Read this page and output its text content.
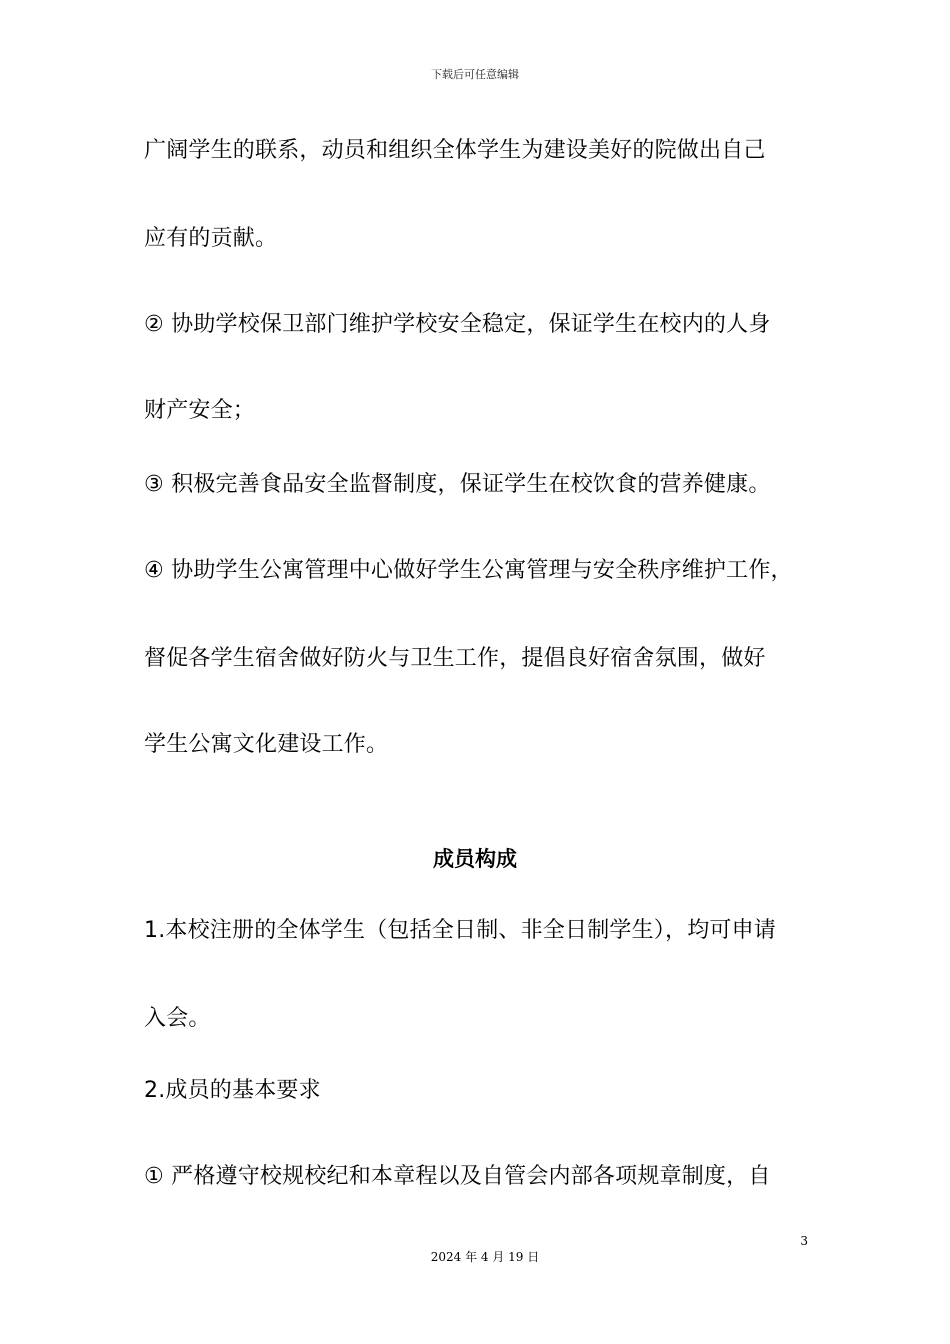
下载后可任意编辑
广阔学生的联系，动员和组织全体学生为建设美好的院做出自己
应有的贡献。
② 协助学校保卫部门维护学校安全稳定，保证学生在校内的人身
财产安全；
③ 积极完善食品安全监督制度，保证学生在校饮食的营养健康。
④ 协助学生公寓管理中心做好学生公寓管理与安全秩序维护工作，
督促各学生宿舍做好防火与卫生工作，提倡良好宿舍氛围，做好
学生公寓文化建设工作。
成员构成
1.本校注册的全体学生（包括全日制、非全日制学生），均可申请
入会。
2.成员的基本要求
① 严格遵守校规校纪和本章程以及自管会内部各项规章制度，自
3
2024 年 4 月 19 日
